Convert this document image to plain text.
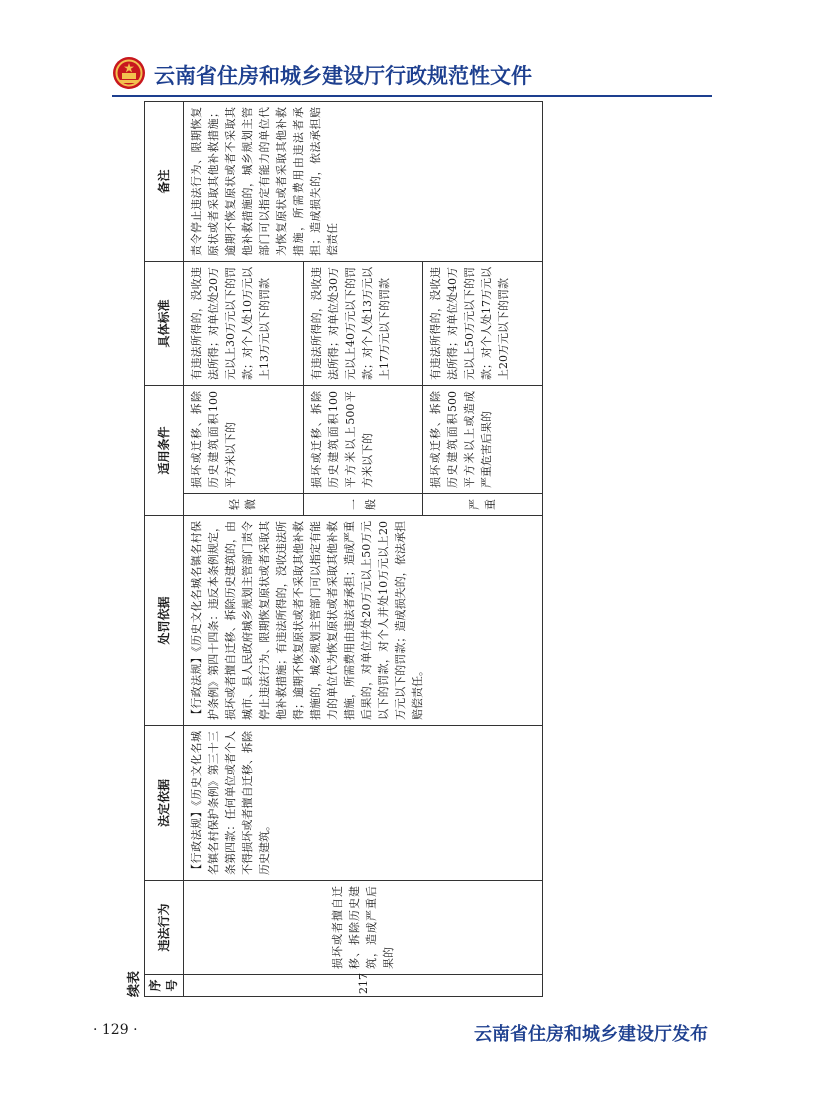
云南省住房和城乡建设厅行政规范性文件
续表 序号	违法行为	法定依据	处罚依据	适用条件		具体标准	备注
217	损坏或者擅自迁移、拆除历史建筑，造成严重后果的	【行政法规】《历史文化名城名镇名村保护条例》第三十三条第四款：任何单位或者个人不得损坏或者擅自迁移、拆除历史建筑。	【行政法规】《历史文化名城名镇名村保护条例》第四十四条：违反本条例规定，损坏或者擅自迁移、拆除历史建筑的，由城市、县人民政府城乡规划主管部门责令停止违法行为、限期恢复原状或者采取其他补救措施；有违法所得的，没收违法所得；逾期不恢复原状或者不采取其他补救措施的，城乡规划主管部门可以指定有能力的单位代为恢复原状或者采取其他补救措施，所需费用由违法者承担；造成严重后果的，对单位并处20万元以上50万元以下的罚款，对个人并处10万元以上20万元以下的罚款；造成损失的，依法承担赔偿责任。	轻微	损坏或迁移、拆除历史建筑面积100平方米以下的	有违法所得的，没收违法所得；对单位处20万元以上30万元以下的罚款；对个人处10万元以上13万元以下的罚款	责令停止违法行为、限期恢复原状或者采取其他补救措施；逾期不恢复原状或者不采取其他补救措施的，城乡规划主管部门可以指定有能力的单位代为恢复原状或者采取其他补救措施，所需费用由违法者承担；造成损失的，依法承担赔偿责任

				一般	损坏或迁移、拆除历史建筑面积100平方米以上500平方米以下的	有违法所得的，没收违法所得；对单位处30万元以上40万元以下的罚款；对个人处13万元以上17万元以下的罚款	

				严重	损坏或迁移、拆除历史建筑面积500平方米以上或造成严重危害后果的	有违法所得的，没收违法所得；对单位处40万元以上50万元以下的罚款；对个人处17万元以上20万元以下的罚款	
· 129 ·	云南省住房和城乡建设厅发布
